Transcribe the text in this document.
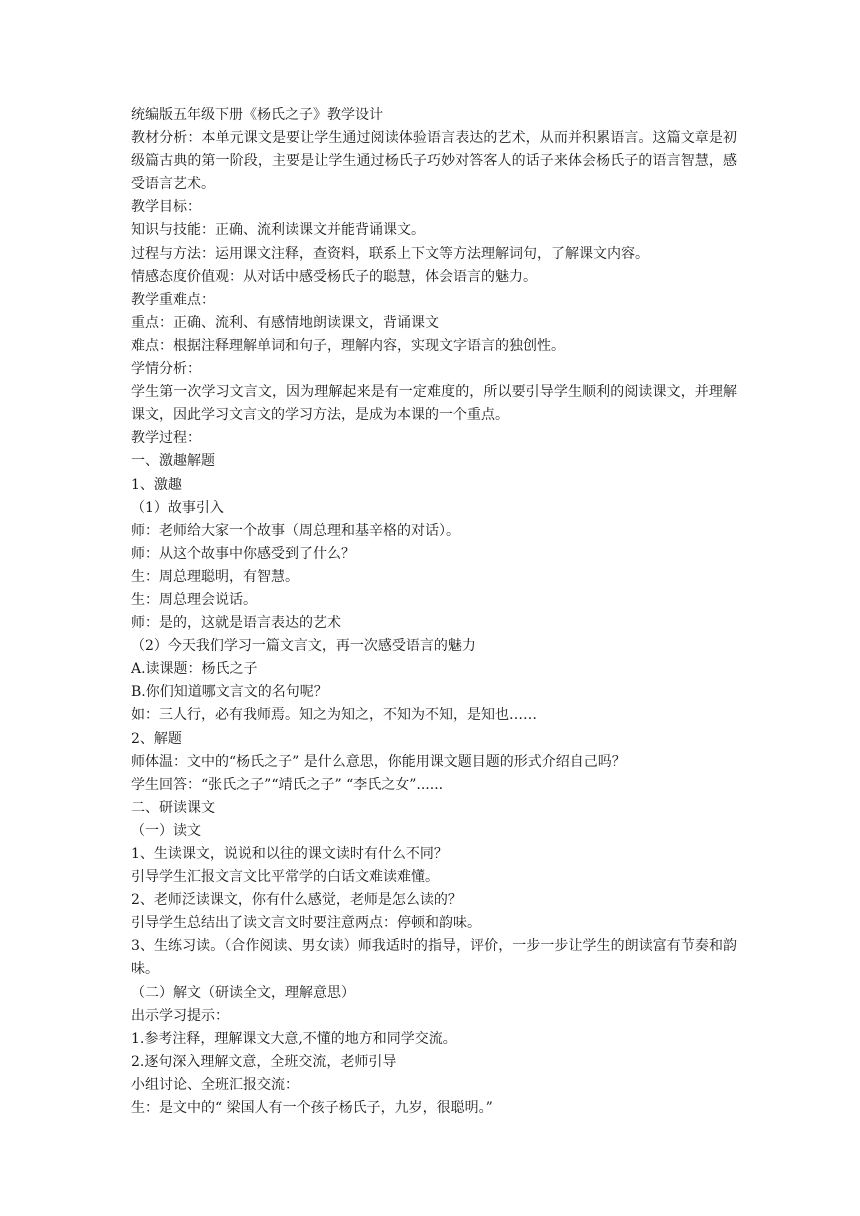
统编版五年级下册《杨氏之子》教学设计
教材分析：本单元课文是要让学生通过阅读体验语言表达的艺术，从而并积累语言。这篇文章是初级篇古典的第一阶段，主要是让学生通过杨氏子巧妙对答客人的话子来体会杨氏子的语言智慧，感受语言艺术。
教学目标：
知识与技能：正确、流利读课文并能背诵课文。
过程与方法：运用课文注释，查资料，联系上下文等方法理解词句，了解课文内容。
情感态度价值观：从对话中感受杨氏子的聪慧，体会语言的魅力。
教学重难点：
重点：正确、流利、有感情地朗读课文，背诵课文
难点：根据注释理解单词和句子，理解内容，实现文字语言的独创性。
学情分析：
学生第一次学习文言文，因为理解起来是有一定难度的，所以要引导学生顺利的阅读课文，并理解课文，因此学习文言文的学习方法，是成为本课的一个重点。
教学过程：
一、激趣解题
1、激趣
（1）故事引入
师：老师给大家一个故事（周总理和基辛格的对话）。
师：从这个故事中你感受到了什么？
生：周总理聪明，有智慧。
生：周总理会说话。
师：是的，这就是语言表达的艺术
（2）今天我们学习一篇文言文，再一次感受语言的魅力
A.读课题：杨氏之子
B.你们知道哪文言文的名句呢？
如：三人行，必有我师焉。知之为知之，不知为不知，是知也……
2、解题
师体温：文中的“杨氏之子” 是什么意思，你能用课文题目题的形式介绍自己吗？
学生回答：“张氏之子”“靖氏之子” “李氏之女”......
二、研读课文
（一）读文
1、生读课文，说说和以往的课文读时有什么不同？
引导学生汇报文言文比平常学的白话文难读难懂。
2、老师泛读课文，你有什么感觉，老师是怎么读的？
引导学生总结出了读文言文时要注意两点：停顿和韵味。
3、生练习读。（合作阅读、男女读）师我适时的指导，评价，一步一步让学生的朗读富有节奏和韵味。
（二）解文（研读全文，理解意思）
出示学习提示：
1.参考注释，理解课文大意,不懂的地方和同学交流。
2.逐句深入理解文意，全班交流，老师引导
小组讨论、全班汇报交流：
生：是文中的“ 梁国人有一个孩子杨氏子，九岁，很聪明。”
